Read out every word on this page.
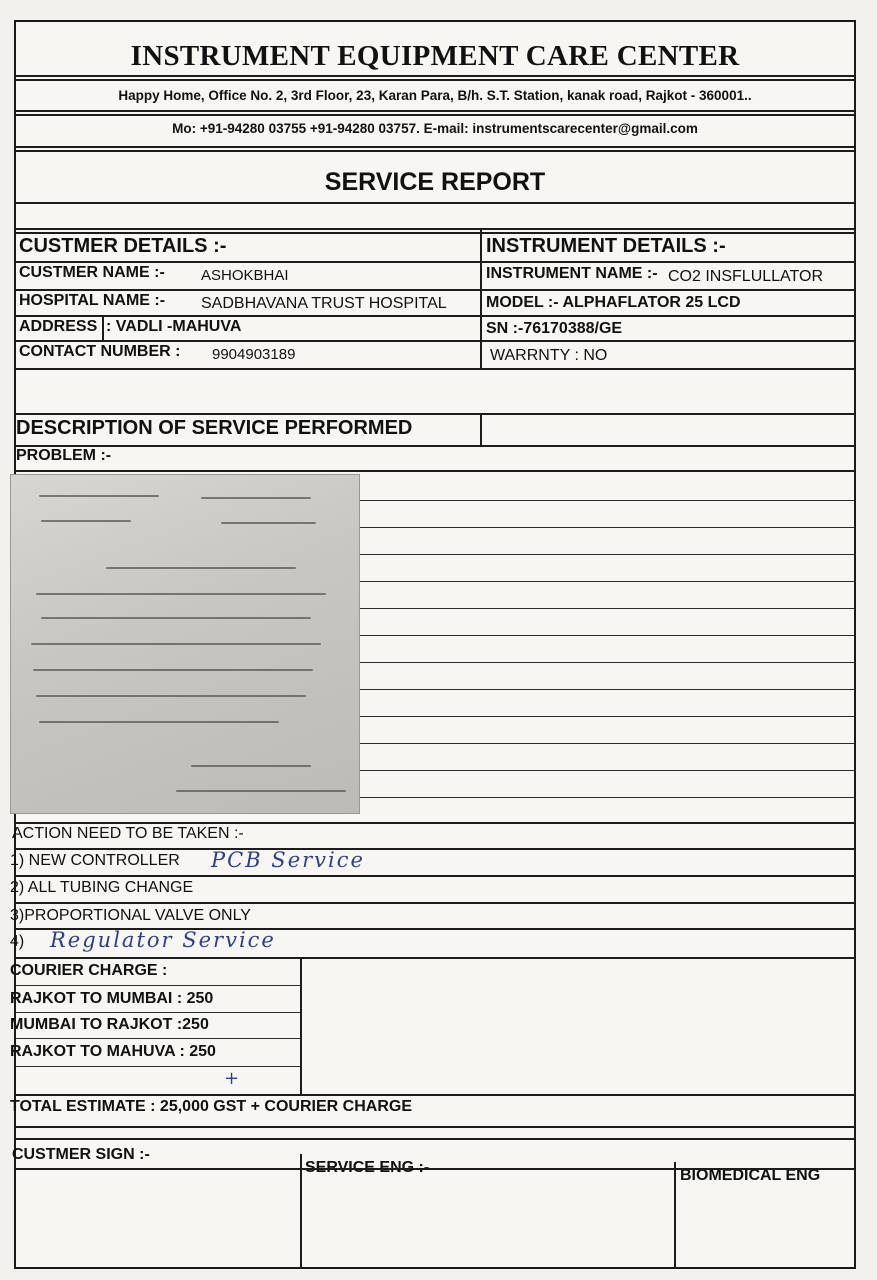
INSTRUMENT EQUIPMENT CARE CENTER
Happy Home, Office No. 2, 3rd Floor, 23, Karan Para, B/h. S.T. Station, kanak road, Rajkot - 360001..
Mo: +91-94280 03755 +91-94280 03757. E-mail: instrumentscarecenter@gmail.com
SERVICE REPORT
CUSTMER DETAILS :-	INSTRUMENT DETAILS :-
CUSTMER NAME :- ASHOKBHAI	INSTRUMENT NAME :- CO2 INSFLULLATOR
HOSPITAL NAME :- SADBHAVANA TRUST HOSPITAL MODEL :- ALPHAFLATOR 25 LCD
ADDRESS : VADLI -MAHUVA	SN :-76170388/GE
CONTACT NUMBER : 9904903189	WARRNTY : NO
DESCRIPTION OF SERVICE PERFORMED
PROBLEM :-
ACTION NEED TO BE TAKEN :-
1) NEW CONTROLLER PCB Service
2) ALL TUBING CHANGE
3)PROPORTIONAL VALVE ONLY
4) Regulator Service
COURIER CHARGE :
RAJKOT TO MUMBAI : 250
MUMBAI TO RAJKOT :250
RAJKOT TO MAHUVA : 250
+
TOTAL ESTIMATE : 25,000 GST + COURIER CHARGE
CUSTMER SIGN :-
SERVICE ENG :-	BIOMEDICAL ENG
